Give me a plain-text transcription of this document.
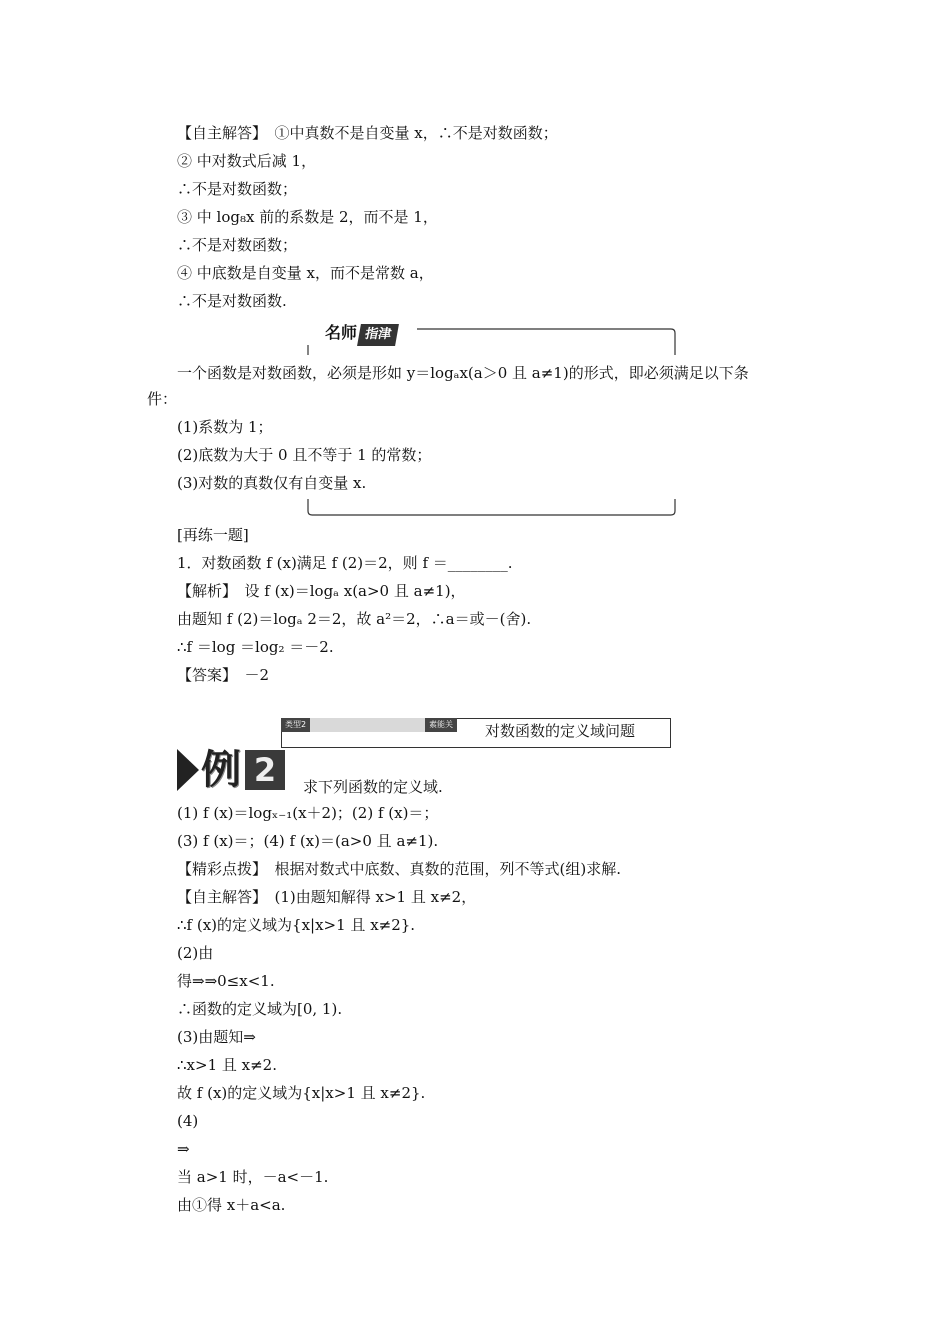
【自主解答】　①中真数不是自变量 x，∴不是对数函数；
② 中对数式后减 1，
∴不是对数函数；
③ 中 log₈x 前的系数是 2，而不是 1，
∴不是对数函数；
④ 中底数是自变量 x，而不是常数 a，
∴不是对数函数.
名师 指津
一个函数是对数函数，必须是形如 y＝logₐx(a＞0 且 a≠1)的形式，即必须满足以下条
件：
(1)系数为 1；
(2)底数为大于 0 且不等于 1 的常数；
(3)对数的真数仅有自变量 x.
[再练一题]
1．对数函数 f (x)满足 f (2)＝2，则 f ＝________.
【解析】　设 f (x)＝logₐ x(a>0 且 a≠1)，
由题知 f (2)＝logₐ 2＝2，故 a²＝2，∴a＝或－(舍).
∴f ＝log ＝log₂ ＝－2.
【答案】　－2
类型2	素能关	对数函数的定义域问题
例 2	求下列函数的定义域.
(1) f (x)＝logₓ₋₁(x＋2)；(2) f (x)＝；
(3) f (x)＝；(4) f (x)＝(a>0 且 a≠1).
【精彩点拨】　根据对数式中底数、真数的范围，列不等式(组)求解.
【自主解答】　(1)由题知解得 x>1 且 x≠2，
∴f (x)的定义域为{x|x>1 且 x≠2}.
(2)由
得⇒⇒0≤x<1.
∴函数的定义域为[0, 1).
(3)由题知⇒
∴x>1 且 x≠2.
故 f (x)的定义域为{x|x>1 且 x≠2}.
(4)
⇒
当 a>1 时，－a<－1.
由①得 x＋a<a.
